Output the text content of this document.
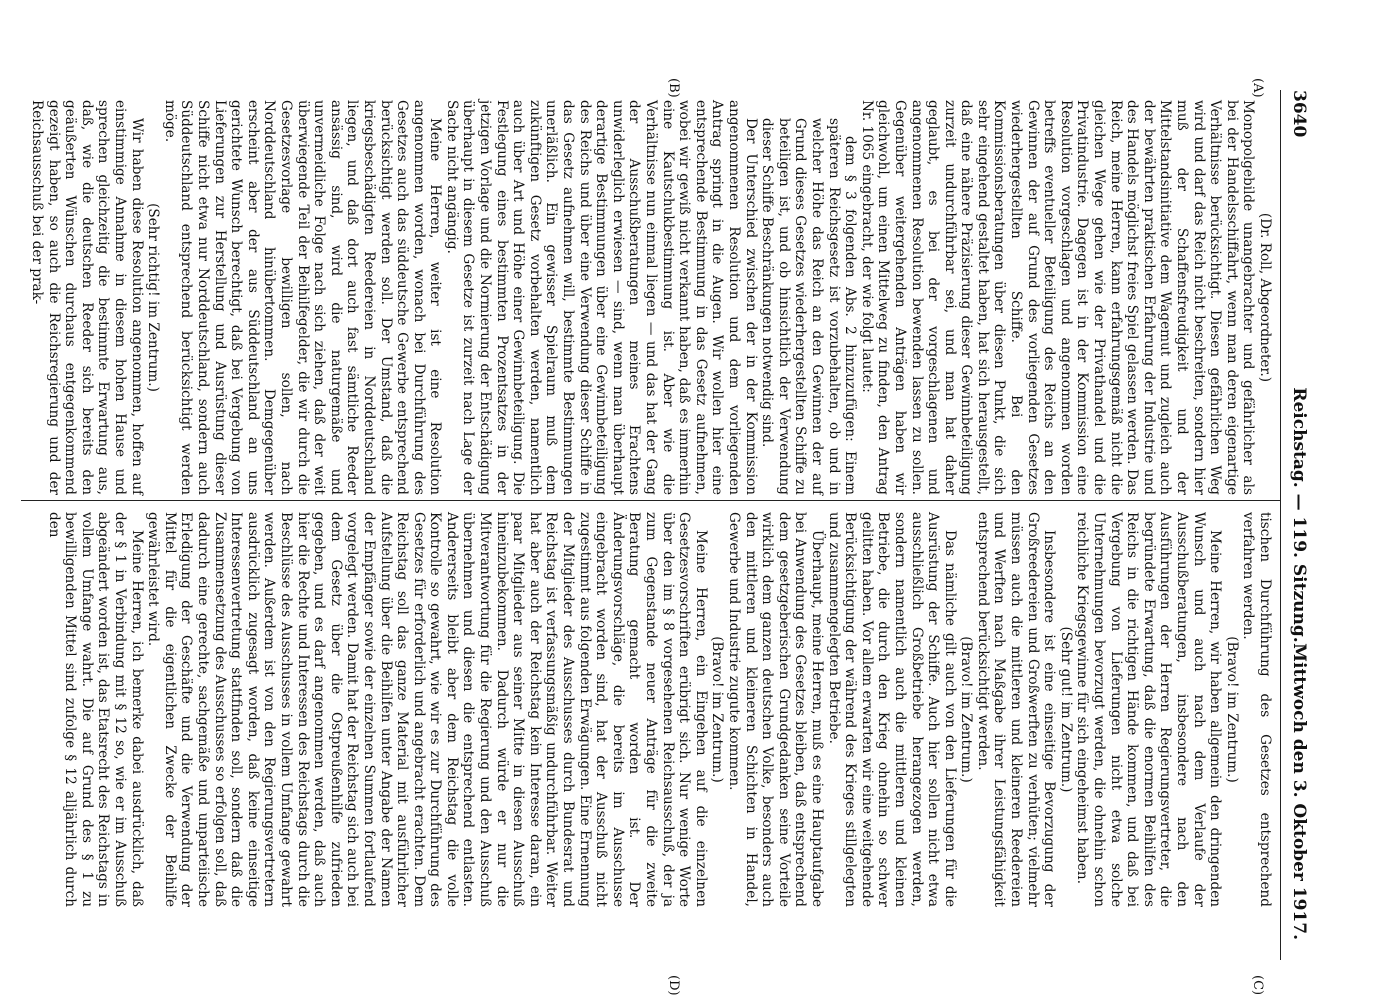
3640
Reichstag. — 119. Sitzung.
Mittwoch den 3. Oktober 1917.
(A)
(B)
(C)
(D)

(Dr. Roll, Abgeordneter.)

Monopolgebilde unangebrachter und gefährlicher als bei der Handelsschiffahrt, wenn man deren eigenartige Verhältnisse berücksichtigt. Diesen gefährlichen Weg wird und darf das Reich nicht beschreiten, sondern hier muß der Schaffensfreudigkeit und der Mittelstandsinitiative dem Wagemut und zugleich auch der bewährten praktischen Erfahrung der Industrie und des Handels möglichst freies Spiel gelassen werden. Das Reich, meine Herren, kann erfahrungsgemäß nicht die gleichen Wege gehen wie der Privathandel und die Privatindustrie. Dagegen ist in der Kommission eine Resolution vorgeschlagen und angenommen worden betreffs eventueller Beteiligung des Reichs an den Gewinnen der auf Grund des vorliegenden Gesetzes wiederhergestellten Schiffe. Bei den Kommissionsberatungen über diesen Punkt, die sich sehr eingehend gestaltet haben, hat sich herausgestellt, daß eine nähere Präzisierung dieser Gewinnbeteiligung zurzeit undurchführbar sei, und man hat daher geglaubt, es bei der vorgeschlagenen und angenommenen Resolution bewenden lassen zu sollen. Gegenüber weitergehenden Anträgen haben wir gleichwohl, um einen Mittelweg zu finden, den Antrag Nr. 1065 eingebracht, der wie folgt lautet:

dem § 3 folgenden Abs. 2 hinzuzufügen: Einem späteren Reichsgesetz ist vorzubehalten, ob und in welcher Höhe das Reich an den Gewinnen der auf Grund dieses Gesetzes wiederhergestellten Schiffe zu beteiligen ist, und ob hinsichtlich der Verwendung dieser Schiffe Beschränkungen notwendig sind.

Der Unterschied zwischen der in der Kommission angenommenen Resolution und dem vorliegenden Antrag springt in die Augen. Wir wollen hier eine entsprechende Bestimmung in das Gesetz aufnehmen, wobei wir gewiß nicht verkannt haben, daß es immerhin eine Kautschukbestimmung ist. Aber wie die Verhältnisse nun einmal liegen — und das hat der Gang der Ausschußberatungen meines Erachtens unwiderleglich erwiesen — sind, wenn man überhaupt derartige Bestimmungen über eine Gewinnbeteiligung des Reichs und über eine Verwendung dieser Schiffe in das Gesetz aufnehmen will, bestimmte Bestimmungen unerläßlich. Ein gewisser Spielraum muß dem zukünftigen Gesetz vorbehalten werden, namentlich auch über Art und Höhe einer Gewinnbeteiligung. Die Festlegung eines bestimmten Prozentsatzes in der jetzigen Vorlage und die Normierung der Entschädigung überhaupt in diesem Gesetze ist zurzeit nach Lage der Sache nicht angängig.

Meine Herren, weiter ist eine Resolution angenommen worden, wonach bei Durchführung des Gesetzes auch das süddeutsche Gewerbe entsprechend berücksichtigt werden soll. Der Umstand, daß die kriegsbeschädigten Reedereien in Norddeutschland liegen, und daß dort auch fast sämtliche Reeder ansässig sind, wird die naturgemäße und unvermeidliche Folge nach sich ziehen, daß der weit überwiegende Teil der Beihilfegelder, die wir durch die Gesetzesvorlage bewilligen sollen, nach Norddeutschland hinübertommen. Demgegenüber erscheint aber der aus Süddeutschland an uns gerichtete Wunsch berechtigt, daß bei Vergebung von Lieferungen zur Herstellung und Ausrüstung dieser Schiffe nicht etwa nur Norddeutschland, sondern auch Süddeutschland entsprechend berücksichtigt werden möge.

(Sehr richtig! im Zentrum.)

Wir haben diese Resolution angenommen, hoffen auf einstimmige Annahme in diesem hohen Hause und sprechen gleichzeitig die bestimmte Erwartung aus, daß, wie die deutschen Reeder sich bereits den geäußerten Wünschen durchaus entgegenkommend gezeigt haben, so auch die Reichsregierung und der Reichsausschuß bei der prak-

tischen Durchführung des Gesetzes entsprechend verfahren werden.

(Bravo! im Zentrum.)

Meine Herren, wir haben allgemein den dringenden Wunsch und auch nach dem Verlaufe der Ausschußberatungen, insbesondere nach den Ausführungen der Herren Regierungsvertreter, die begründete Erwartung, daß die enormen Beihilfen des Reichs in die richtigen Hände kommen, und daß bei Vergebung von Lieferungen nicht etwa solche Unternehmungen bevorzugt werden, die ohnehin schon reichliche Kriegsgewinne für sich eingeheimst haben.

(Sehr gut! im Zentrum.)

Insbesondere ist eine einseitige Bevorzugung der Großreedereien und Großwerften zu verhüten; vielmehr müssen auch die mittleren und kleineren Reedereien und Werften nach Maßgabe ihrer Leistungsfähigkeit entsprechend berücksichtigt werden.

(Bravo! im Zentrum.)

Das nämliche gilt auch von den Lieferungen für die Ausrüstung der Schiffe. Auch hier sollen nicht etwa ausschließlich Großbetriebe herangezogen werden, sondern namentlich auch die mittleren und kleinen Betriebe, die durch den Krieg ohnehin so schwer gelitten haben. Vor allem erwarten wir eine weitgehende Berücksichtigung der während des Krieges stillgelegten und zusammengelegten Betriebe.

Überhaupt, meine Herren, muß es eine Hauptaufgabe bei Anwendung des Gesetzes bleiben, daß entsprechend dem gesetzgeberischen Grundgedanken seine Vorteile wirklich dem ganzen deutschen Volke, besonders auch den mittleren und kleineren Schichten in Handel, Gewerbe und Industrie zugute kommen.

(Bravo! im Zentrum.)

Meine Herren, ein Eingehen auf die einzelnen Gesetzesvorschriften erübrigt sich. Nur wenige Worte über den im § 8 vorgesehenen Reichsausschuß, der ja zum Gegenstande neuer Anträge für die zweite Beratung gemacht worden ist. Der Änderungsvorschläge, die bereits im Ausschusse eingebracht worden sind, hat der Ausschuß nicht zugestimmt aus folgenden Erwägungen. Eine Ernennung der Mitglieder des Ausschusses durch Bundesrat und Reichstag ist verfassungsmäßig undurchführbar. Weiter hat aber auch der Reichstag kein Interesse daran, ein paar Mitglieder aus seiner Mitte in diesen Ausschuß hineinzubekommen. Dadurch würde er nur die Mitverantwortung für die Regierung und den Ausschuß übernehmen und diesen die entsprechend entlasten. Andererseits bleibt aber dem Reichstag die volle Kontrolle so gewahrt, wie wir es zur Durchführung des Gesetzes für erforderlich und angebracht erachten. Dem Reichstag soll das ganze Material mit ausführlicher Aufstellung über die Beihilfen unter Angabe der Namen der Empfänger sowie der einzelnen Summen fortlaufend vorgelegt werden. Damit hat der Reichstag sich auch bei dem Gesetz über die Ostpreußenhilfe zufrieden gegeben, und es darf angenommen werden, daß auch hier die Rechte und Interessen des Reichstags durch die Beschlüsse des Ausschusses in vollem Umfange gewahrt werden. Außerdem ist von den Regierungsvertretern ausdrücklich zugesagt worden, daß keine einseitige Interessenvertretung stattfinden soll, sondern daß die Zusammensetzung des Ausschusses so erfolgen soll, daß dadurch eine gerechte, sachgemäße und unparteiische Erledigung der Geschäfte und die Verwendung der Mittel für die eigentlichen Zwecke der Beihilfe gewährleistet wird.

Meine Herren, ich bemerke dabei ausdrücklich, daß der § 1 in Verbindung mit § 12 so, wie er im Ausschuß abgeändert worden ist, das Etatsrecht des Reichstags in vollem Umfange wahrt. Die auf Grund des § 1 zu bewilligenden Mittel sind zufolge § 12 alljährlich durch den
